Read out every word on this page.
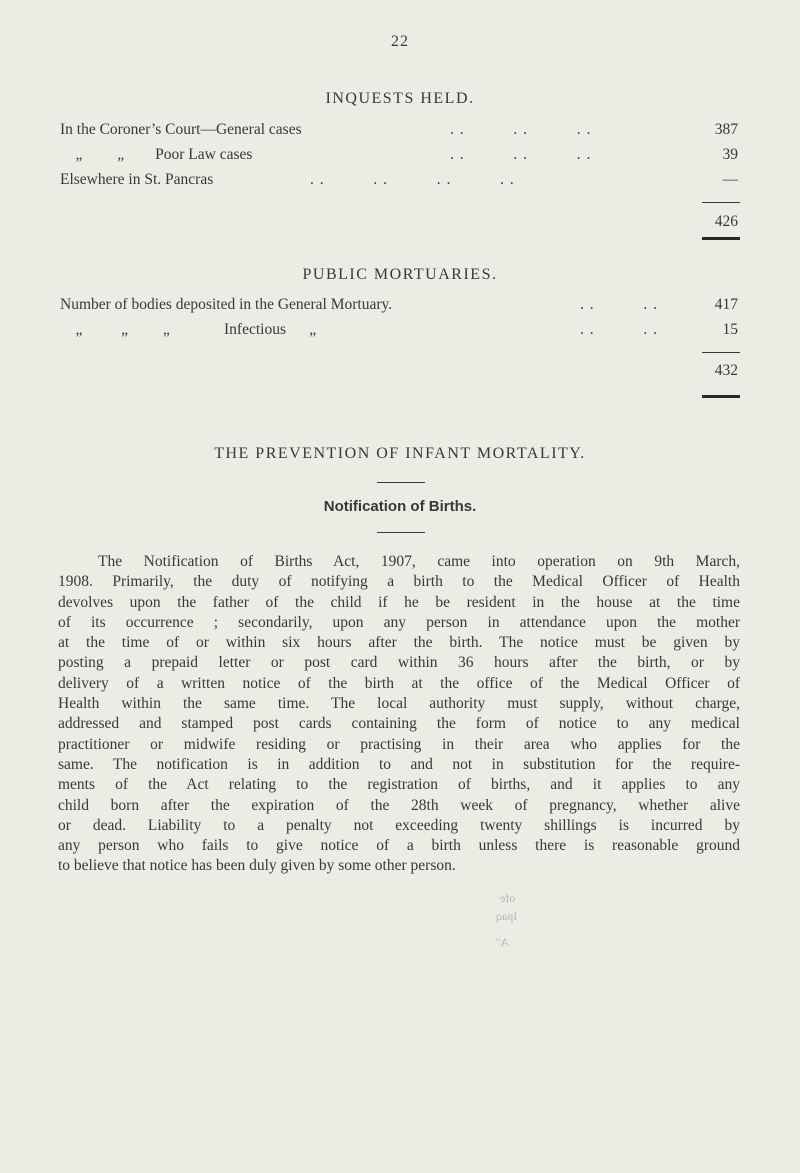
22
INQUESTS HELD.
In the Coroner’s Court—General cases	. .          . .          . .	387
„         „        Poor Law cases	. .          . .          . .	39
Elsewhere in St. Pancras	. .          . .          . .          . .	—
426
PUBLIC MORTUARIES.
Number of bodies deposited in the General Mortuary.	. .          . .	417
„          „         „              Infectious      „	. .          . .	15
432
THE PREVENTION OF INFANT MORTALITY.
Notification of Births.
The Notification of Births Act, 1907, came into operation on 9th March,
1908. Primarily, the duty of notifying a birth to the Medical Officer of Health
devolves upon the father of the child if he be resident in the house at the time
of its occurrence ; secondarily, upon any person in attendance upon the mother
at the time of or within six hours after the birth. The notice must be given by
posting a prepaid letter or post card within 36 hours after the birth, or by
delivery of a written notice of the birth at the office of the Medical Officer of
Health within the same time. The local authority must supply, without charge,
addressed and stamped post cards containing the form of notice to any medical
practitioner or midwife residing or practising in their area who applies for the
same. The notification is in addition to and not in substitution for the require-
ments of the Act relating to the registration of births, and it applies to any
child born after the expiration of the 28th week of pregnancy, whether alive
or dead. Liability to a penalty not exceeding twenty shillings is incurred by
any person who fails to give notice of a birth unless there is reasonable ground
to believe that notice has been duly given by some other person.
ofe
Ipaq
A''
